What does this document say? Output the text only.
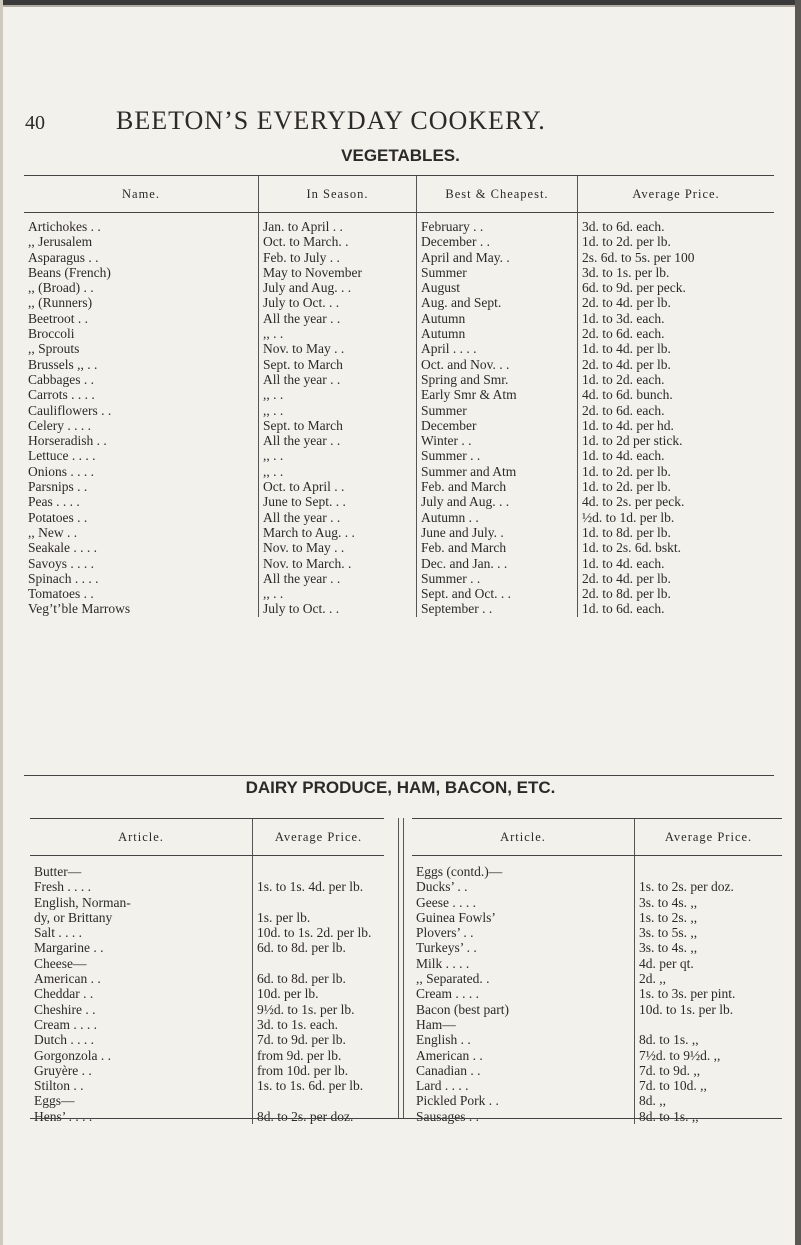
40	BEETON’S EVERYDAY COOKERY.
VEGETABLES.
Name.	In Season.	Best & Cheapest.	Average Price.
Artichokes . .	Jan. to April . .	February . .	3d. to 6d. each.
,, Jerusalem	Oct. to March. .	December . .	1d. to 2d. per lb.
Asparagus . .	Feb. to July . .	April and May. .	2s. 6d. to 5s. per 100
Beans (French)	May to November	Summer	3d. to 1s. per lb.
,, (Broad) . .	July and Aug. . .	August	6d. to 9d. per peck.
,, (Runners)	July to Oct. . .	Aug. and Sept.	2d. to 4d. per lb.
Beetroot . .	All the year . .	Autumn	1d. to 3d. each.
Broccoli	,, . .	Autumn	2d. to 6d. each.
,, Sprouts	Nov. to May . .	April . . . .	1d. to 4d. per lb.
Brussels ,, . .	Sept. to March	Oct. and Nov. . .	2d. to 4d. per lb.
Cabbages . .	All the year . .	Spring and Smr.	1d. to 2d. each.
Carrots . . . .	,, . .	Early Smr & Atm	4d. to 6d. bunch.
Cauliflowers . .	,, . .	Summer	2d. to 6d. each.
Celery . . . .	Sept. to March	December	1d. to 4d. per hd.
Horseradish . .	All the year . .	Winter . .	1d. to 2d per stick.
Lettuce . . . .	,, . .	Summer . .	1d. to 4d. each.
Onions . . . .	,, . .	Summer and Atm	1d. to 2d. per lb.
Parsnips . .	Oct. to April . .	Feb. and March	1d. to 2d. per lb.
Peas . . . .	June to Sept. . .	July and Aug. . .	4d. to 2s. per peck.
Potatoes . .	All the year . .	Autumn . .	½d. to 1d. per lb.
,, New . .	March to Aug. . .	June and July. .	1d. to 8d. per lb.
Seakale . . . .	Nov. to May . .	Feb. and March	1d. to 2s. 6d. bskt.
Savoys . . . .	Nov. to March. .	Dec. and Jan. . .	1d. to 4d. each.
Spinach . . . .	All the year . .	Summer . .	2d. to 4d. per lb.
Tomatoes . .	,, . .	Sept. and Oct. . .	2d. to 8d. per lb.
Veg’t’ble Marrows	July to Oct. . .	September . .	1d. to 6d. each.
DAIRY PRODUCE, HAM, BACON, ETC.
Article.	Average Price.
Butter—	
Fresh . . . .	1s. to 1s. 4d. per lb.
English, Norman-	
dy, or Brittany	1s. per lb.
Salt . . . .	10d. to 1s. 2d. per lb.
Margarine . .	6d. to 8d. per lb.
Cheese—	
American . .	6d. to 8d. per lb.
Cheddar . .	10d. per lb.
Cheshire . .	9½d. to 1s. per lb.
Cream . . . .	3d. to 1s. each.
Dutch . . . .	7d. to 9d. per lb.
Gorgonzola . .	from 9d. per lb.
Gruyère . .	from 10d. per lb.
Stilton . .	1s. to 1s. 6d. per lb.
Eggs—	
Hens’ . . . .	8d. to 2s. per doz.
Article.	Average Price.
Eggs (contd.)—	
Ducks’ . .	1s. to 2s. per doz.
Geese . . . .	3s. to 4s. ,,
Guinea Fowls’	1s. to 2s. ,,
Plovers’ . .	3s. to 5s. ,,
Turkeys’ . .	3s. to 4s. ,,
Milk . . . .	4d. per qt.
,, Separated. .	2d. ,,
Cream . . . .	1s. to 3s. per pint.
Bacon (best part)	10d. to 1s. per lb.
Ham—	
English . .	8d. to 1s. ,,
American . .	7½d. to 9½d. ,,
Canadian . .	7d. to 9d. ,,
Lard . . . .	7d. to 10d. ,,
Pickled Pork . .	8d. ,,
Sausages . .	8d. to 1s. ,,
